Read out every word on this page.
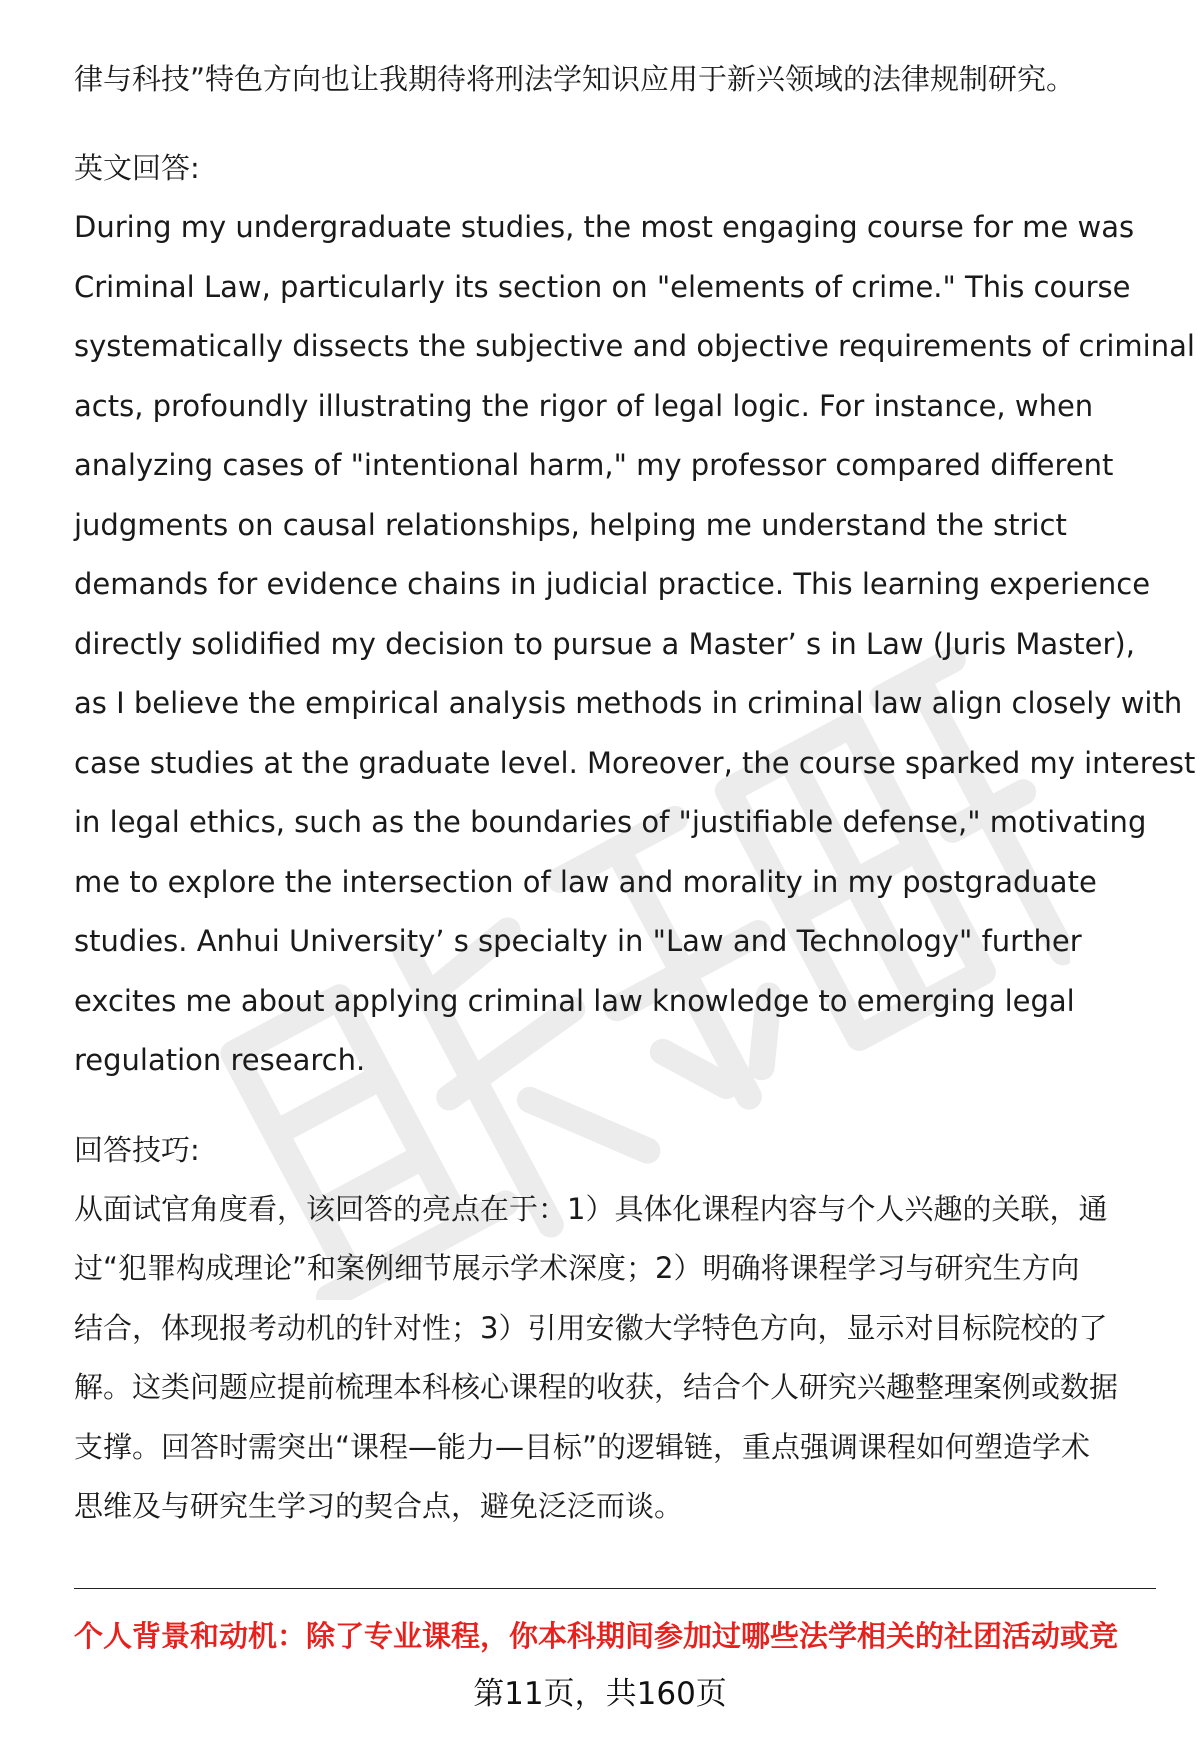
律与科技”特色方向也让我期待将刑法学知识应用于新兴领域的法律规制研究。

英文回答:

During my undergraduate studies, the most engaging course for me was
Criminal Law, particularly its section on "elements of crime." This course
systematically dissects the subjective and objective requirements of criminal
acts, profoundly illustrating the rigor of legal logic. For instance, when
analyzing cases of "intentional harm," my professor compared different
judgments on causal relationships, helping me understand the strict
demands for evidence chains in judicial practice. This learning experience
directly solidified my decision to pursue a Master’ s in Law (Juris Master),
as I believe the empirical analysis methods in criminal law align closely with
case studies at the graduate level. Moreover, the course sparked my interest
in legal ethics, such as the boundaries of "justifiable defense," motivating
me to explore the intersection of law and morality in my postgraduate
studies. Anhui University’ s specialty in "Law and Technology" further
excites me about applying criminal law knowledge to emerging legal
regulation research.

回答技巧:

从面试官角度看，该回答的亮点在于：1）具体化课程内容与个人兴趣的关联，通
过“犯罪构成理论”和案例细节展示学术深度；2）明确将课程学习与研究生方向
结合，体现报考动机的针对性；3）引用安徽大学特色方向，显示对目标院校的了
解。这类问题应提前梳理本科核心课程的收获，结合个人研究兴趣整理案例或数据
支撑。回答时需突出“课程—能力—目标”的逻辑链，重点强调课程如何塑造学术
思维及与研究生学习的契合点，避免泛泛而谈。

个人背景和动机：除了专业课程，你本科期间参加过哪些法学相关的社团活动或竞
第11页，共160页
